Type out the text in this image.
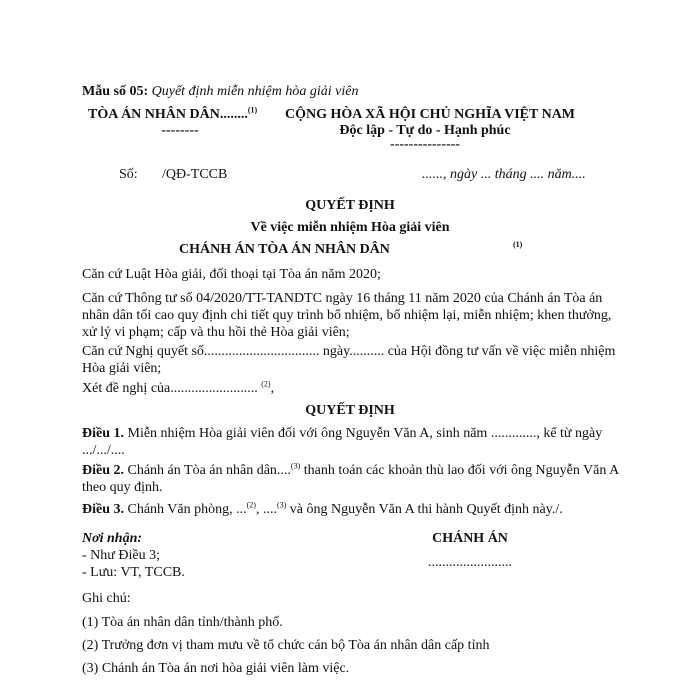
Mẫu số 05: Quyết định miễn nhiệm hòa giải viên
TÒA ÁN NHÂN DÂN........$^{(1)}$
--------
CỘNG HÒA XÃ HỘI CHỦ NGHĨA VIỆT NAM
Độc lập - Tự do - Hạnh phúc
---------------
Số: /QĐ-TCCB	......, ngày ... tháng .... năm....
QUYẾT ĐỊNH
Về việc miễn nhiệm Hòa giải viên
CHÁNH ÁN TÒA ÁN NHÂN DÂN	(1)
Căn cứ Luật Hòa giải, đối thoại tại Tòa án năm 2020;
Căn cứ Thông tư số 04/2020/TT-TANDTC ngày 16 tháng 11 năm 2020 của Chánh án Tòa án nhân dân tối cao quy định chi tiết quy trình bổ nhiệm, bổ nhiệm lại, miễn nhiệm; khen thưởng, xử lý vi phạm; cấp và thu hồi thẻ Hòa giải viên;
Căn cứ Nghị quyết số................................. ngày.......... của Hội đồng tư vấn về việc miễn nhiệm Hòa giải viên;
Xét đề nghị của......................... $^{(2)}$,
QUYẾT ĐỊNH
Điều 1. Miễn nhiệm Hòa giải viên đối với ông Nguyễn Văn A, sinh năm ............., kể từ ngày .../.../....
Điều 2. Chánh án Tòa án nhân dân....$^{(3)}$ thanh toán các khoản thù lao đối với ông Nguyễn Văn A theo quy định.
Điều 3. Chánh Văn phòng, ...$^{(2)}$, ....$^{(3)}$ và ông Nguyễn Văn A thi hành Quyết định này./.
Nơi nhận:
- Như Điều 3;
- Lưu: VT, TCCB.
CHÁNH ÁN
........................
Ghi chú:
(1) Tòa án nhân dân tỉnh/thành phố.
(2) Trưởng đơn vị tham mưu về tổ chức cán bộ Tòa án nhân dân cấp tỉnh
(3) Chánh án Tòa án nơi hòa giải viên làm việc.
